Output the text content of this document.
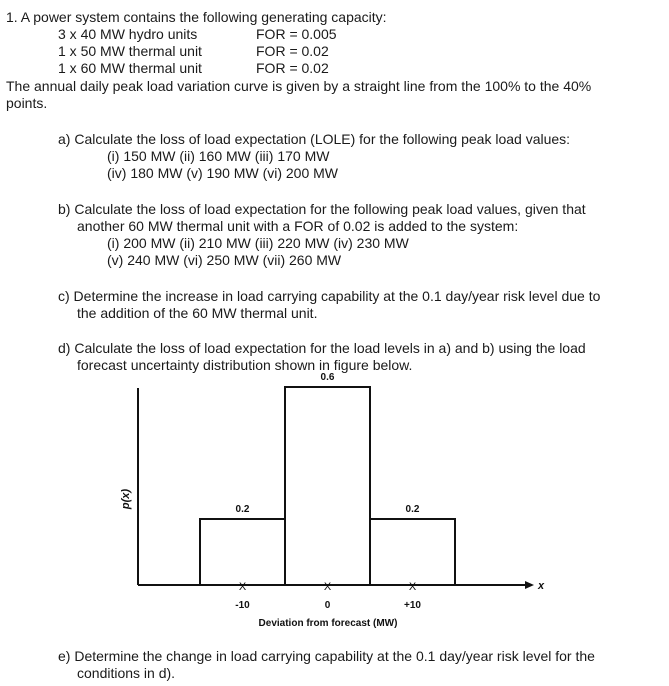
1. A power system contains the following generating capacity:
3 x 40 MW hydro units	FOR = 0.005
1 x 50 MW thermal unit	FOR = 0.02
1 x 60 MW thermal unit	FOR = 0.02
The annual daily peak load variation curve is given by a straight line from the 100% to the 40%
points.
a) Calculate the loss of load expectation (LOLE) for the following peak load values:
(i) 150 MW (ii) 160 MW (iii) 170 MW
(iv) 180 MW (v) 190 MW (vi) 200 MW
b) Calculate the loss of load expectation for the following peak load values, given that
another 60 MW thermal unit with a FOR of 0.02 is added to the system:
(i) 200 MW (ii) 210 MW (iii) 220 MW (iv) 230 MW
(v) 240 MW (vi) 250 MW (vii) 260 MW
c) Determine the increase in load carrying capability at the 0.1 day/year risk level due to
the addition of the 60 MW thermal unit.
d) Calculate the loss of load expectation for the load levels in a) and b) using the load
forecast uncertainty distribution shown in figure below.
p(x)
x
X	X	X
-10	0	+10
0.2
0.6
0.2
Deviation from forecast (MW)
e) Determine the change in load carrying capability at the 0.1 day/year risk level for the
conditions in d).
